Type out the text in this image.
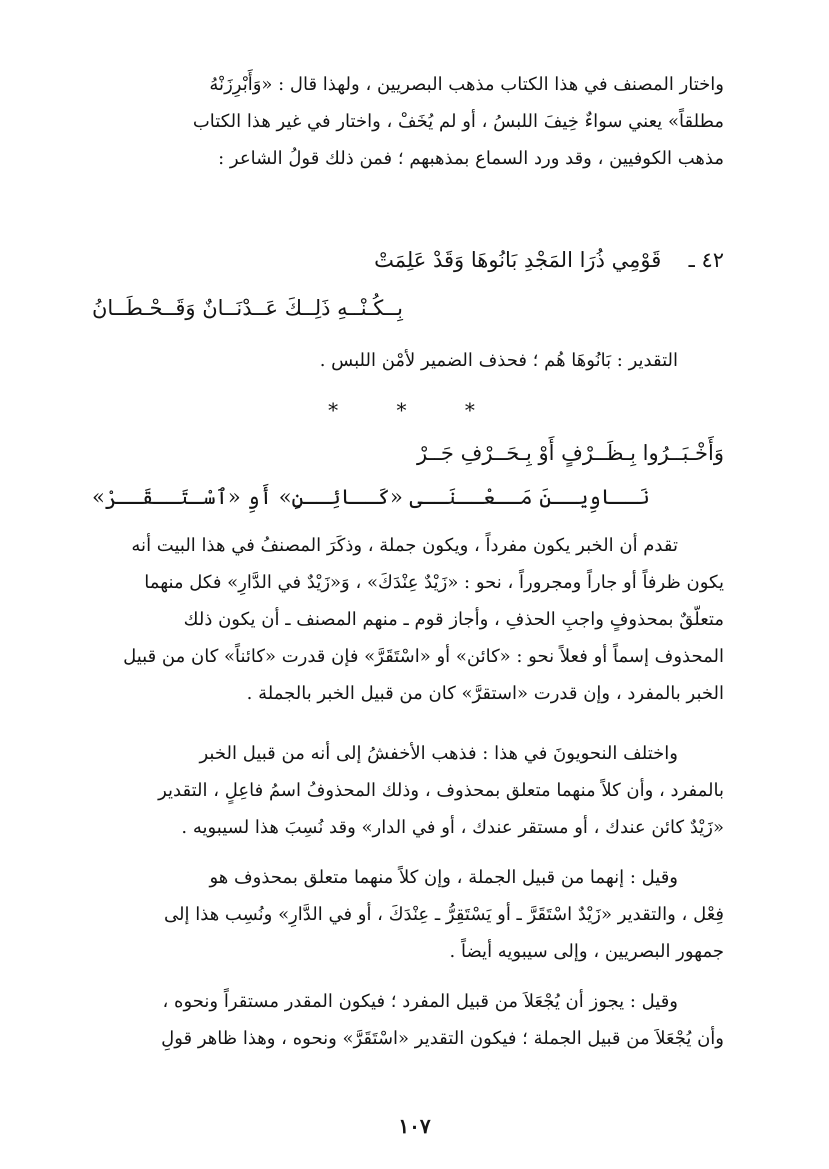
واختار المصنف في هذا الكتاب مذهب البصريين ، ولهذا قال : «وَأَبْرِزَنْهُ

مطلقاً» يعني سواءٌ خِيفَ اللبسُ ، أو لم يُخَفْ ، واختار في غير هذا الكتاب

مذهب الكوفيين ، وقد ورد السماع بمذهبهم ؛ فمن ذلك قولُ الشاعر :

٤٢ ـ  قَوْمِي ذُرَا المَجْدِ بَانُوهَا وَقَدْ عَلِمَتْ
بِــكُـنْــهِ ذَلِــكَ عَــدْنَــانٌ وَقَــحْـطَــانُ

التقدير : بَانُوهَا هُم ؛ فحذف الضمير لأمْن اللبس .

* * *
وَأَخْـبَــرُوا بِـظَــرْفٍ أَوْ بِـحَــرْفِ جَــرْ
نَــاوِيــنَ مَــعْــنَــى «كَــائِــنٍ» أَوِ «ٱسْـتَــقَــرْ»

تقدم أن الخبر يكون مفرداً ، ويكون جملة ، وذكَرَ المصنفُ في هذا البيت أنه

يكون ظرفاً أو جاراً ومجروراً ، نحو : «زَيْدٌ عِنْدَكَ» ، وَ«زَيْدٌ في الدَّارِ» فكل منهما

متعلّقٌ بمحذوفٍ واجبِ الحذفِ ، وأجاز قوم ـ منهم المصنف ـ أن يكون ذلك

المحذوف إسماً أو فعلاً نحو : «كائن» أو «اسْتَقَرَّ» فإن قدرت «كائناً» كان من قبيل

الخبر بالمفرد ، وإن قدرت «استقرَّ» كان من قبيل الخبر بالجملة .

واختلف النحويونَ في هذا : فذهب الأخفشُ إلى أنه من قبيل الخبر

بالمفرد ، وأن كلاً منهما متعلق بمحذوف ، وذلك المحذوفُ اسمُ فاعِلٍ ، التقدير

«زَيْدٌ كائن عندك ، أو مستقر عندك ، أو في الدار» وقد نُسِبَ هذا لسيبويه .

وقيل : إنهما من قبيل الجملة ، وإن كلاً منهما متعلق بمحذوف هو

فِعْل ، والتقدير «زَيْدٌ اسْتَقَرَّ ـ أو يَسْتَقِرُّ ـ عِنْدَكَ ، أو في الدَّارِ» ونُسِب هذا إلى

جمهور البصريين ، وإلى سيبويه أيضاً .

وقيل : يجوز أن يُجْعَلاَ من قبيل المفرد ؛ فيكون المقدر مستقراً ونحوه ،

وأن يُجْعَلاَ من قبيل الجملة ؛ فيكون التقدير «اسْتَقَرَّ» ونحوه ، وهذا ظاهر قولِ

١٠٧
